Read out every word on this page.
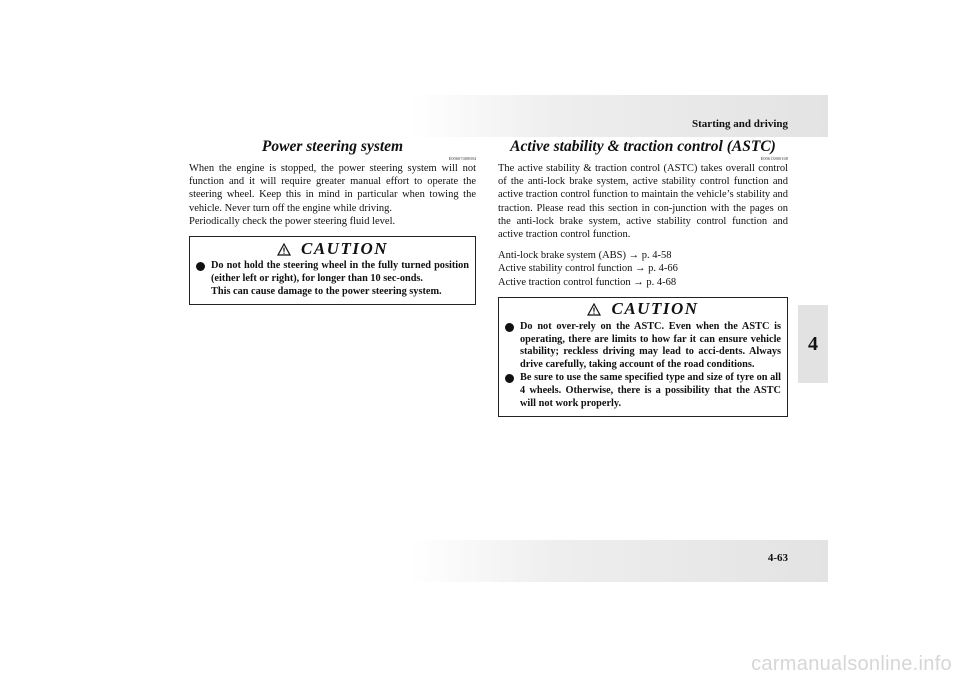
Starting and driving
4
4-63
Power steering system
E00607400084

When the engine is stopped, the power steering system will not function and it will require greater manual effort to operate the steering wheel. Keep this in mind in particular when towing the vehicle. Never turn off the engine while driving.

Periodically check the power steering fluid level.

CAUTION
Do not hold the steering wheel in the fully turned position (either left or right), for longer than 10 sec-onds.
This can cause damage to the power steering system.
Active stability & traction control (ASTC)
E00613800168

The active stability & traction control (ASTC) takes overall control of the anti-lock brake system, active stability control function and active traction control function to maintain the vehicle’s stability and traction. Please read this section in con-junction with the pages on the anti-lock brake system, active stability control function and active traction control function.

Anti-lock brake system (ABS) → p. 4-58
Active stability control function → p. 4-66
Active traction control function → p. 4-68
CAUTION
Do not over-rely on the ASTC. Even when the ASTC is operating, there are limits to how far it can ensure vehicle stability; reckless driving may lead to acci-dents. Always drive carefully, taking account of the road conditions.
Be sure to use the same specified type and size of tyre on all 4 wheels. Otherwise, there is a possibility that the ASTC will not work properly.
carmanualsonline.info
